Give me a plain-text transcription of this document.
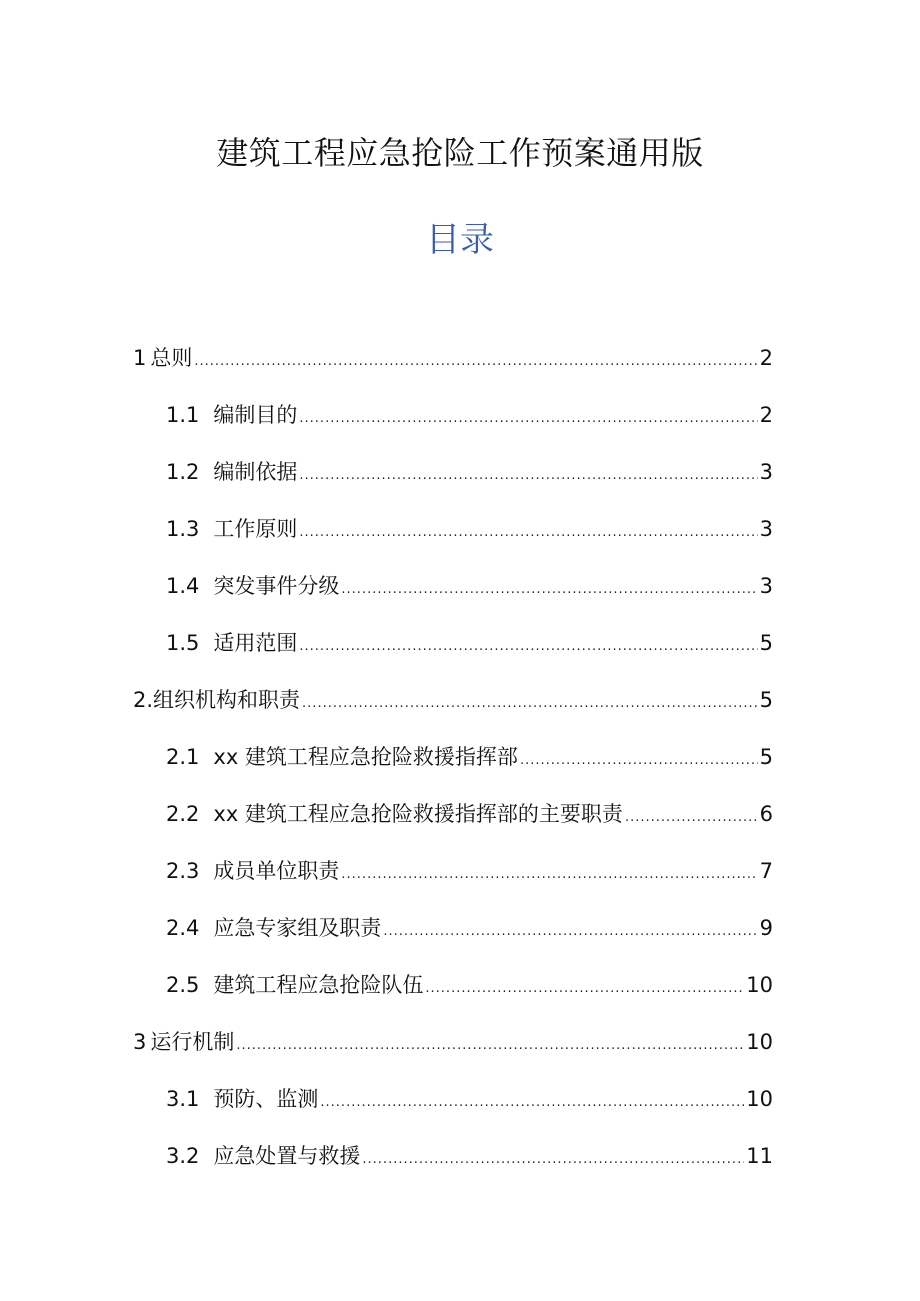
建筑工程应急抢险工作预案通用版
目录
1 总则 .....	2
1.1 编制目的 .....	2
1.2 编制依据 .....	3
1.3 工作原则 .....	3
1.4 突发事件分级 .....	3
1.5 适用范围 .....	5
2. 组织机构和职责 .....	5
2.1 xx 建筑工程应急抢险救援指挥部 .....	5
2.2 xx 建筑工程应急抢险救援指挥部的主要职责 .....	6
2.3 成员单位职责 .....	7
2.4 应急专家组及职责 .....	9
2.5 建筑工程应急抢险队伍 .....	10
3 运行机制 .....	10
3.1 预防、监测 .....	10
3.2 应急处置与救援 .....	11
